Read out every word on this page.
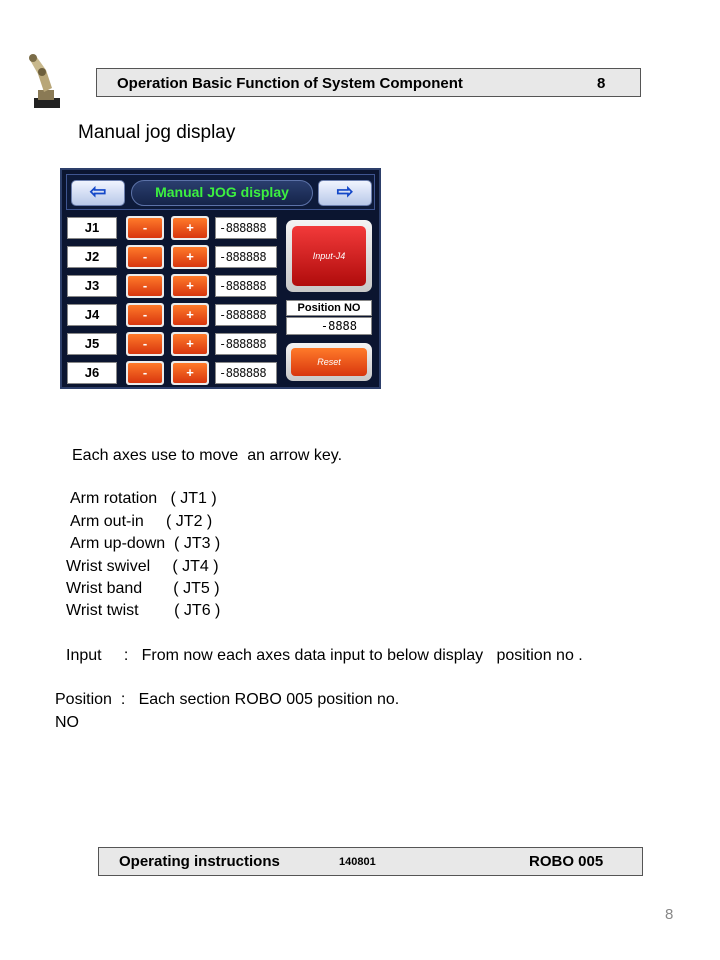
Operation Basic Function of System Component	8
Manual jog display
⇦	Manual JOG display	⇨
J1	-	+	-888888
J2	-	+	-888888
J3	-	+	-888888
J4	-	+	-888888
J5	-	+	-888888
J6	-	+	-888888
Input-J4
Position NO
-8888
Reset
Each axes use to move  an arrow key.
Arm rotation   ( JT1 )
Arm out-in     ( JT2 )
Arm up-down  ( JT3 )
Wrist swivel     ( JT4 )
Wrist band       ( JT5 )
Wrist twist        ( JT6 )
Input     :   From now each axes data input to below display   position no .
Position  :   Each section ROBO 005 position no.
NO
Operating instructions	140801	ROBO 005
8
